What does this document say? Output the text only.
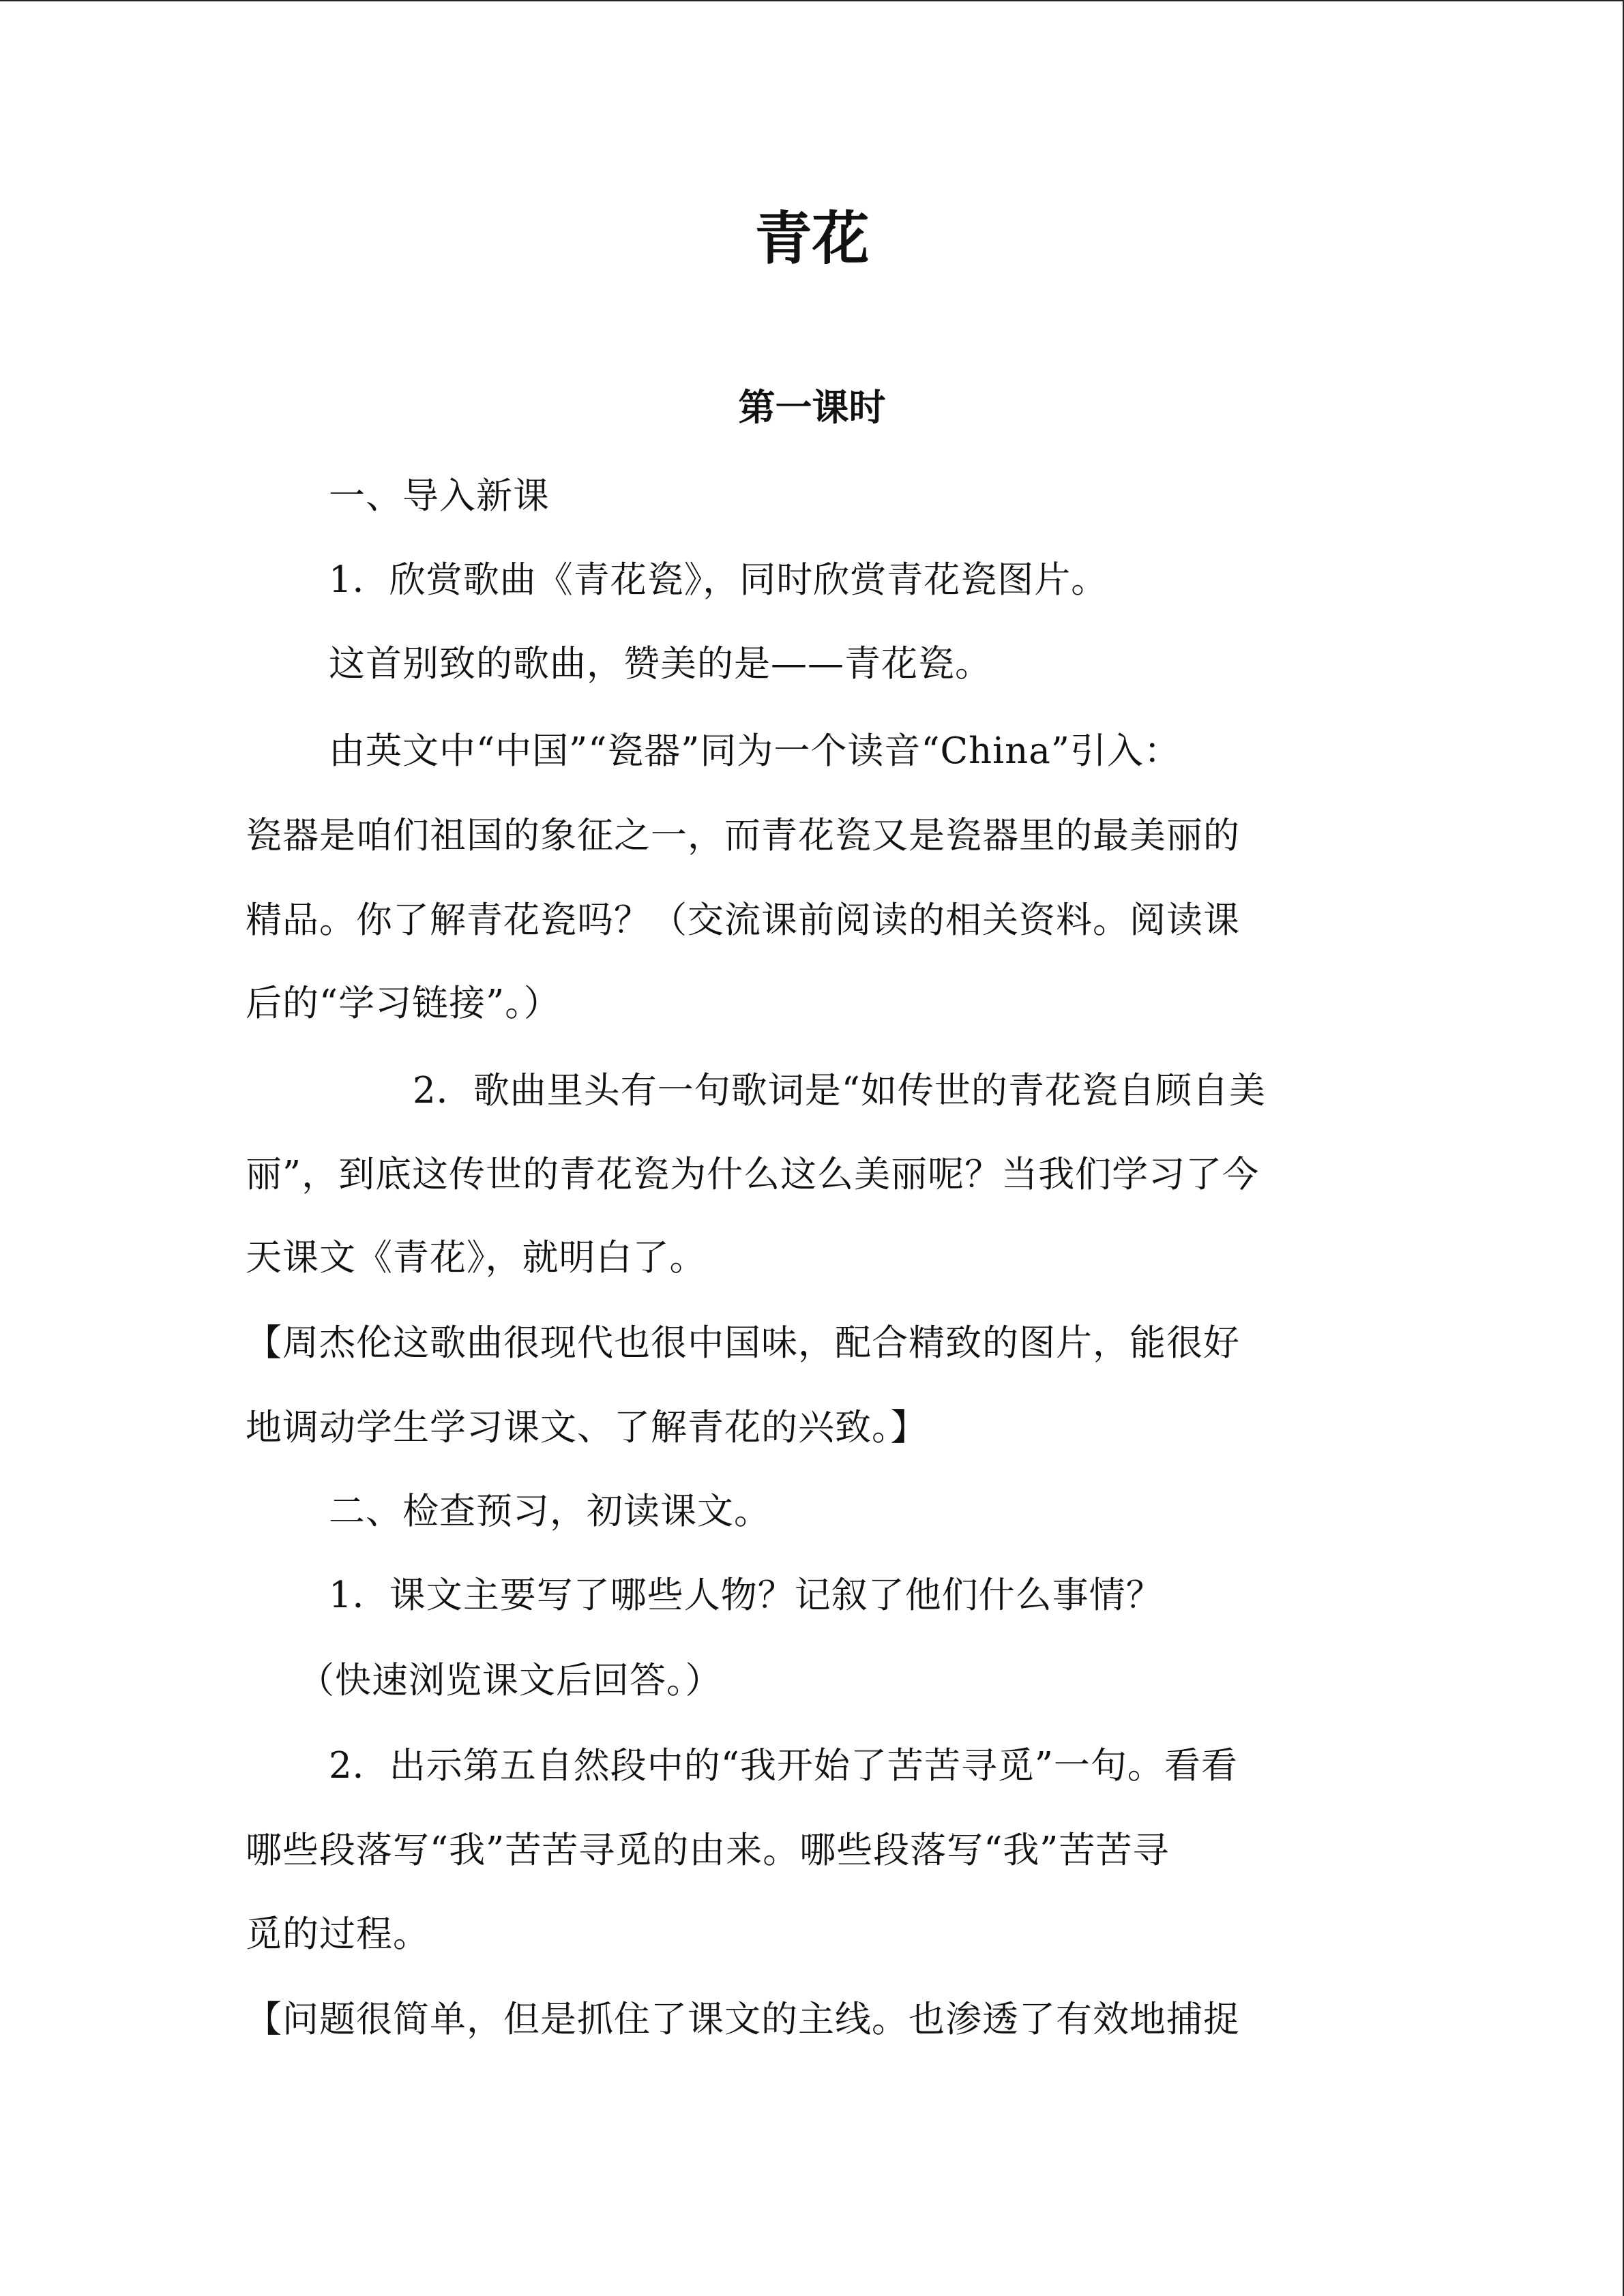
青花
第一课时
一、导入新课
1．欣赏歌曲《青花瓷》，同时欣赏青花瓷图片。
这首别致的歌曲，赞美的是——青花瓷。
由英文中“中国”“瓷器”同为一个读音“China”引入：
瓷器是咱们祖国的象征之一，而青花瓷又是瓷器里的最美丽的
精品。你了解青花瓷吗？（交流课前阅读的相关资料。阅读课
后的“学习链接”。）
2．歌曲里头有一句歌词是“如传世的青花瓷自顾自美
丽”，到底这传世的青花瓷为什么这么美丽呢？当我们学习了今
天课文《青花》，就明白了。
【周杰伦这歌曲很现代也很中国味，配合精致的图片，能很好
地调动学生学习课文、了解青花的兴致。】
二、检查预习，初读课文。
1．课文主要写了哪些人物？记叙了他们什么事情？
（快速浏览课文后回答。）
2．出示第五自然段中的“我开始了苦苦寻觅”一句。看看
哪些段落写“我”苦苦寻觅的由来。哪些段落写“我”苦苦寻
觅的过程。
【问题很简单，但是抓住了课文的主线。也渗透了有效地捕捉
